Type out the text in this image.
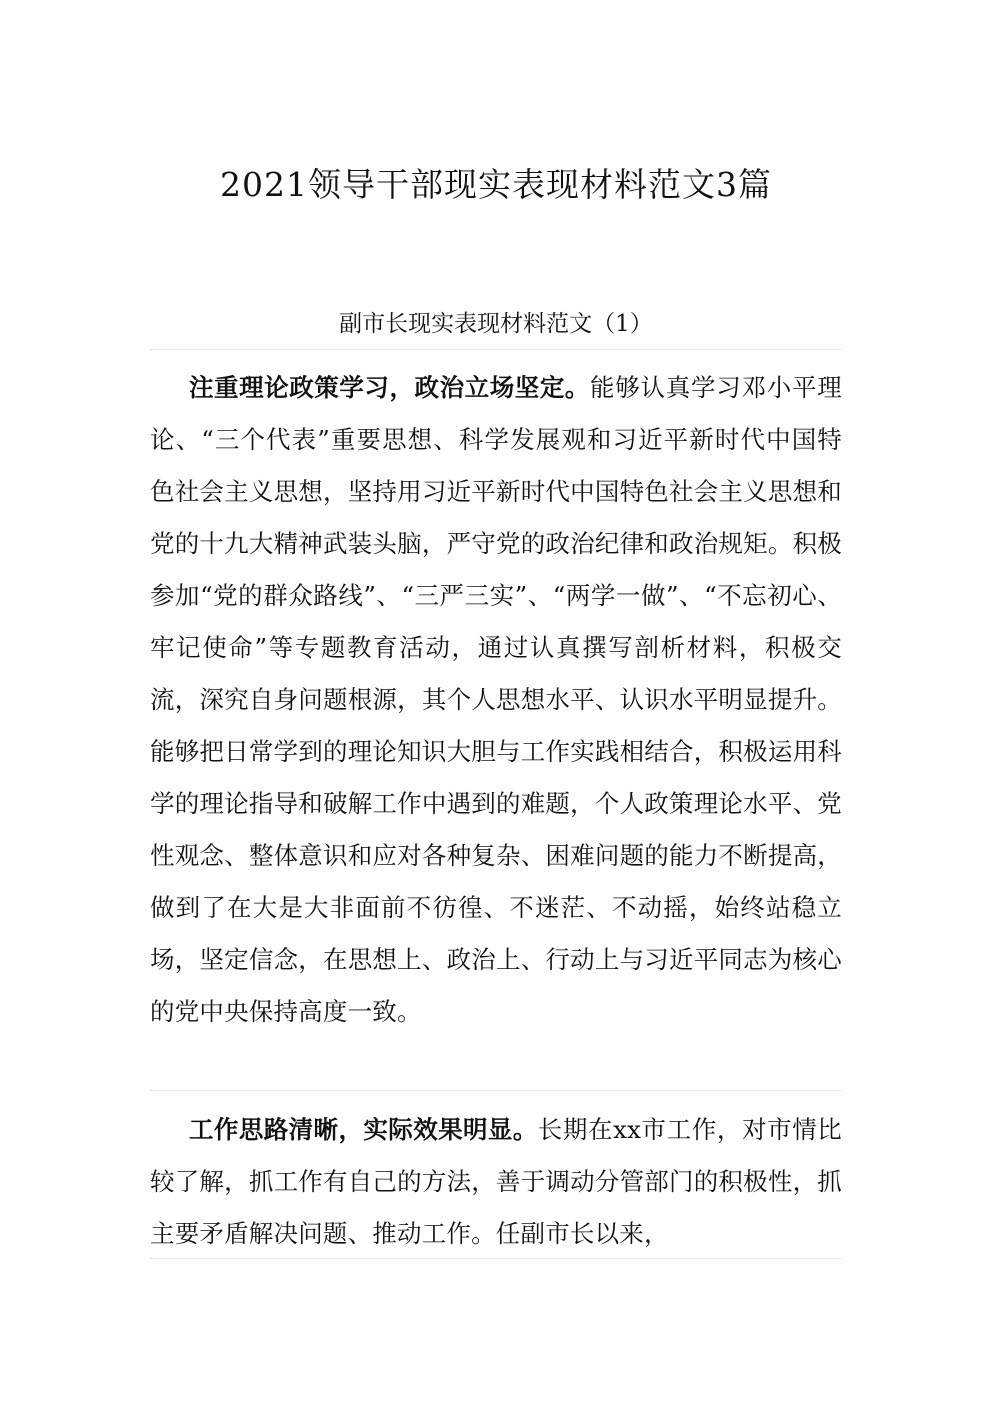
2021领导干部现实表现材料范文3篇
副市长现实表现材料范文（1）

注重理论政策学习，政治立场坚定。能够认真学习邓小平理论、“三个代表”重要思想、科学发展观和习近平新时代中国特色社会主义思想，坚持用习近平新时代中国特色社会主义思想和党的十九大精神武装头脑，严守党的政治纪律和政治规矩。积极参加“党的群众路线”、“三严三实”、“两学一做”、“不忘初心、牢记使命”等专题教育活动，通过认真撰写剖析材料，积极交流，深究自身问题根源，其个人思想水平、认识水平明显提升。能够把日常学到的理论知识大胆与工作实践相结合，积极运用科学的理论指导和破解工作中遇到的难题，个人政策理论水平、党性观念、整体意识和应对各种复杂、困难问题的能力不断提高，做到了在大是大非面前不彷徨、不迷茫、不动摇，始终站稳立场，坚定信念，在思想上、政治上、行动上与习近平同志为核心的党中央保持高度一致。

工作思路清晰，实际效果明显。长期在xx市工作，对市情比较了解，抓工作有自己的方法，善于调动分管部门的积极性，抓主要矛盾解决问题、推动工作。任副市长以来，
